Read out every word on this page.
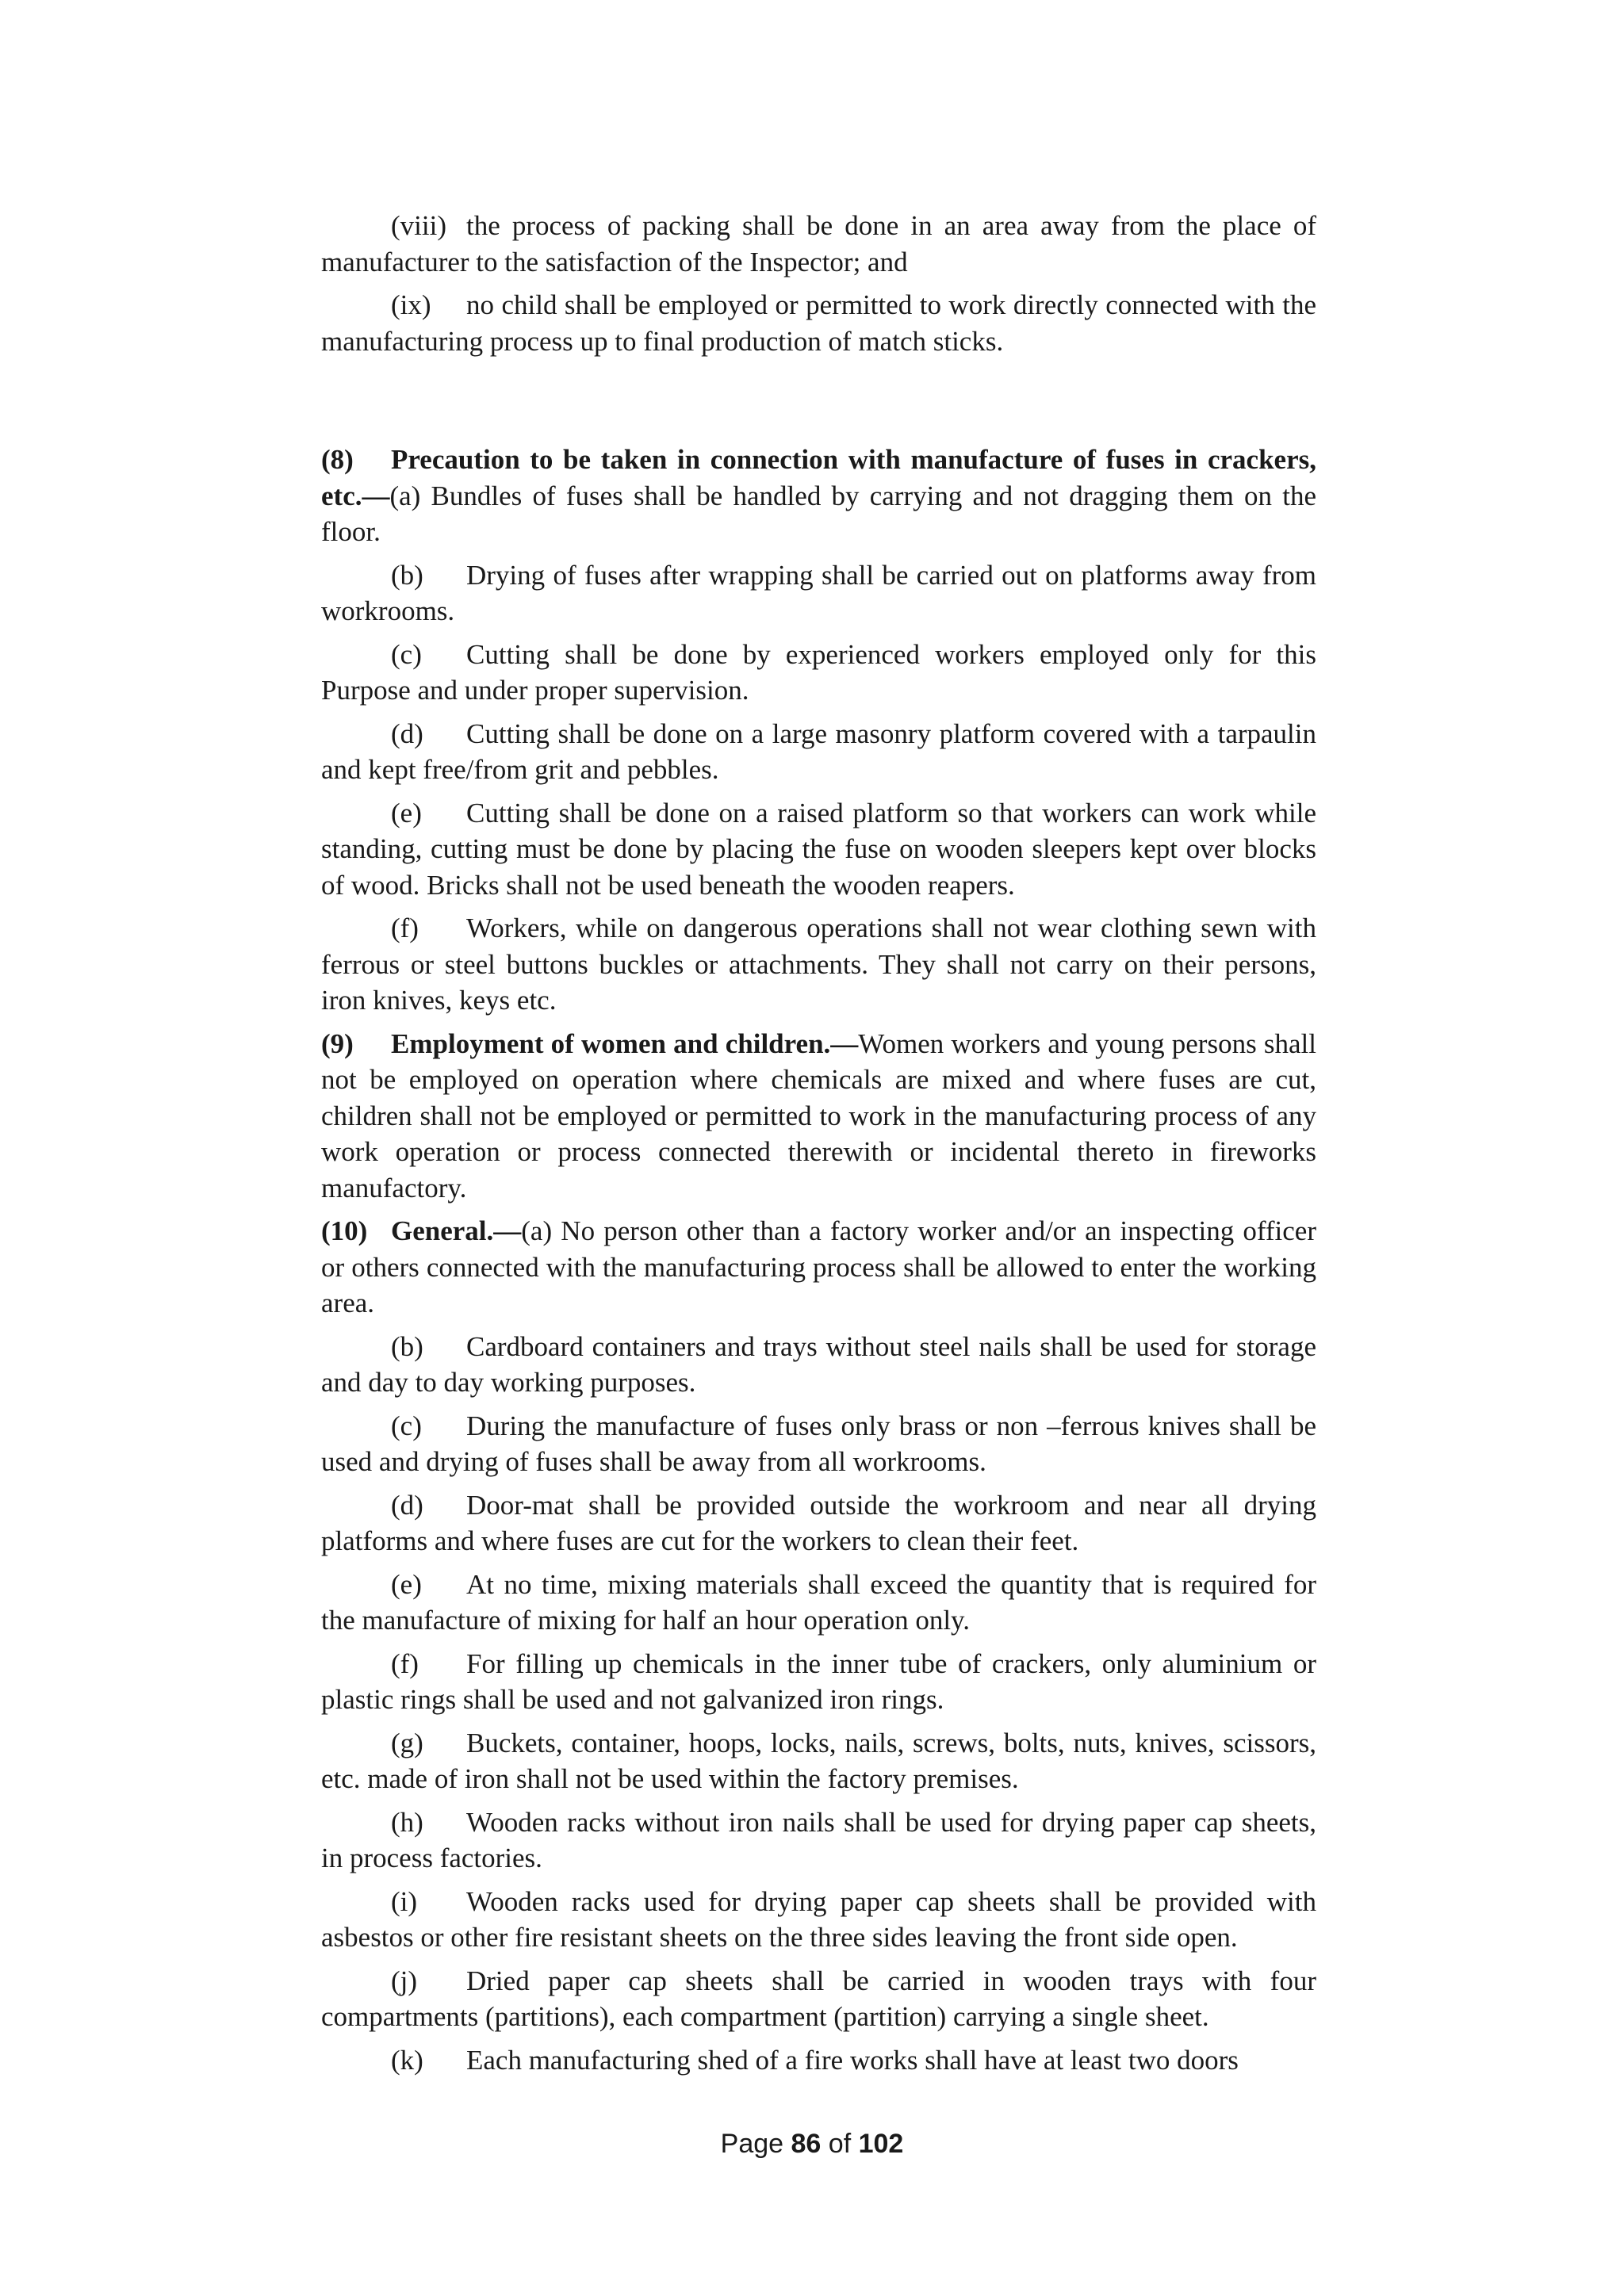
(viii) the process of packing shall be done in an area away from the place of manufacturer to the satisfaction of the Inspector; and

(ix) no child shall be employed or permitted to work directly connected with the manufacturing process up to final production of match sticks.

(8) Precaution to be taken in connection with manufacture of fuses in crackers, etc.—(a) Bundles of fuses shall be handled by carrying and not dragging them on the floor.

(b) Drying of fuses after wrapping shall be carried out on platforms away from workrooms.

(c) Cutting shall be done by experienced workers employed only for this Purpose and under proper supervision.

(d) Cutting shall be done on a large masonry platform covered with a tarpaulin and kept free/from grit and pebbles.

(e) Cutting shall be done on a raised platform so that workers can work while standing, cutting must be done by placing the fuse on wooden sleepers kept over blocks of wood. Bricks shall not be used beneath the wooden reapers.

(f) Workers, while on dangerous operations shall not wear clothing sewn with ferrous or steel buttons buckles or attachments. They shall not carry on their persons, iron knives, keys etc.

(9) Employment of women and children.—Women workers and young persons shall not be employed on operation where chemicals are mixed and where fuses are cut, children shall not be employed or permitted to work in the manufacturing process of any work operation or process connected therewith or incidental thereto in fireworks manufactory.

(10) General.—(a) No person other than a factory worker and/or an inspecting officer or others connected with the manufacturing process shall be allowed to enter the working area.

(b) Cardboard containers and trays without steel nails shall be used for storage and day to day working purposes.

(c) During the manufacture of fuses only brass or non –ferrous knives shall be used and drying of fuses shall be away from all workrooms.

(d) Door-mat shall be provided outside the workroom and near all drying platforms and where fuses are cut for the workers to clean their feet.

(e) At no time, mixing materials shall exceed the quantity that is required for the manufacture of mixing for half an hour operation only.

(f) For filling up chemicals in the inner tube of crackers, only aluminium or plastic rings shall be used and not galvanized iron rings.

(g) Buckets, container, hoops, locks, nails, screws, bolts, nuts, knives, scissors, etc. made of iron shall not be used within the factory premises.

(h) Wooden racks without iron nails shall be used for drying paper cap sheets, in process factories.

(i) Wooden racks used for drying paper cap sheets shall be provided with asbestos or other fire resistant sheets on the three sides leaving the front side open.

(j) Dried paper cap sheets shall be carried in wooden trays with four compartments (partitions), each compartment (partition) carrying a single sheet.

(k) Each manufacturing shed of a fire works shall have at least two doors

Page 86 of 102
